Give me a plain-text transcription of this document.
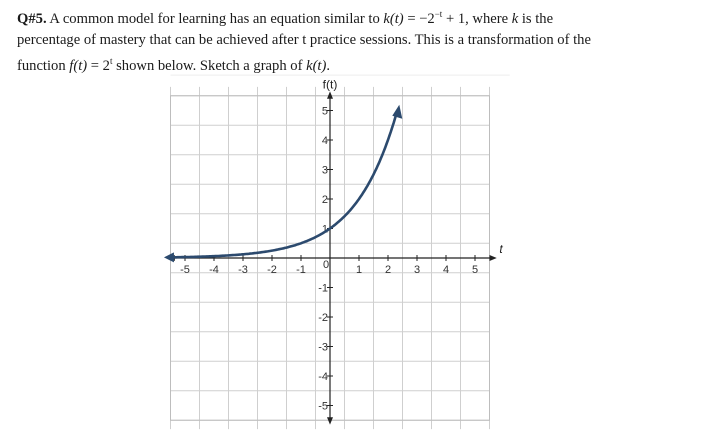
Q#5. A common model for learning has an equation similar to $k(t) = -2^{-t} + 1$, where k is the
percentage of mastery that can be achieved after t practice sessions. This is a transformation of the
function $f(t) = 2^t$ shown below. Sketch a graph of k(t).
-5 -4 -3 -2 -1 0 1 2 3 4 5
1
2
3
4
5
-1
-2
-3
-4
-5
f(t)
t
